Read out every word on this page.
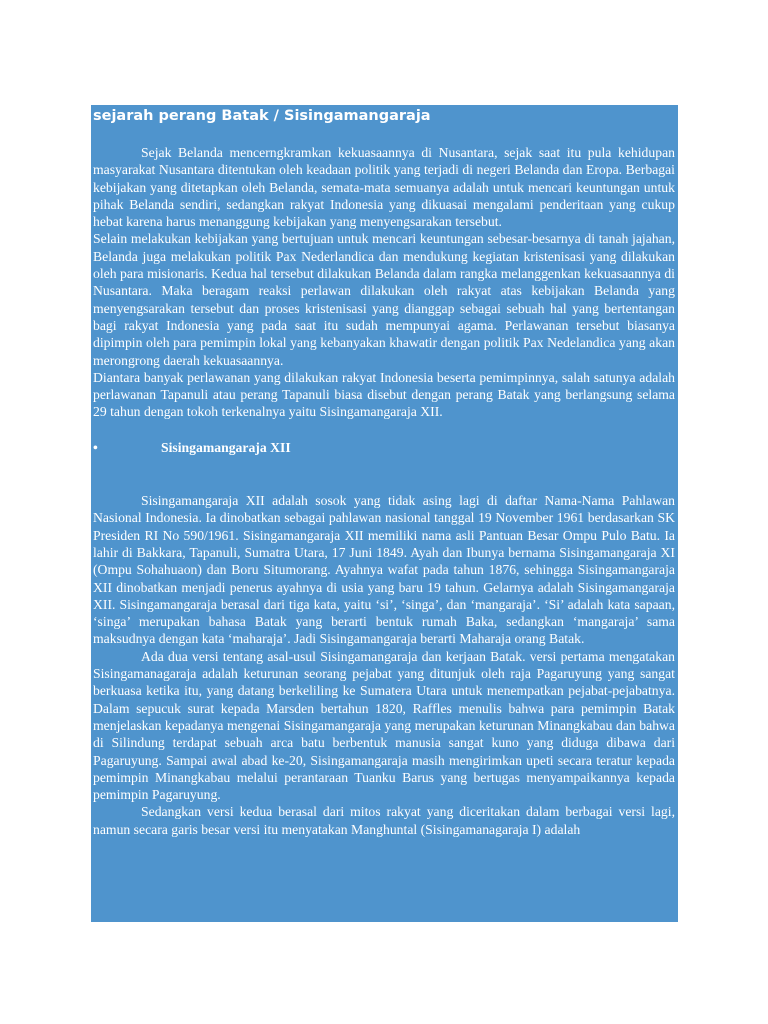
sejarah perang Batak / Sisingamangaraja

Sejak Belanda mencerngkramkan kekuasaannya di Nusantara, sejak saat itu pula kehidupan masyarakat Nusantara ditentukan oleh keadaan politik yang terjadi di negeri Belanda dan Eropa. Berbagai kebijakan yang ditetapkan oleh Belanda, semata-mata semuanya adalah untuk mencari keuntungan untuk pihak Belanda sendiri, sedangkan rakyat Indonesia yang dikuasai mengalami penderitaan yang cukup hebat karena harus menanggung kebijakan yang menyengsarakan tersebut.

Selain melakukan kebijakan yang bertujuan untuk mencari keuntungan sebesar-besarnya di tanah jajahan, Belanda juga melakukan politik Pax Nederlandica dan mendukung kegiatan kristenisasi yang dilakukan oleh para misionaris. Kedua hal tersebut dilakukan Belanda dalam rangka melanggenkan kekuasaannya di Nusantara. Maka beragam reaksi perlawan dilakukan oleh rakyat atas kebijakan Belanda yang menyengsarakan tersebut dan proses kristenisasi yang dianggap sebagai sebuah hal yang bertentangan bagi rakyat Indonesia yang pada saat itu sudah mempunyai agama. Perlawanan tersebut biasanya dipimpin oleh para pemimpin lokal yang kebanyakan khawatir dengan politik Pax Nedelandica yang akan merongrong daerah kekuasaannya.

Diantara banyak perlawanan yang dilakukan rakyat Indonesia beserta pemimpinnya, salah satunya adalah perlawanan Tapanuli atau perang Tapanuli biasa disebut dengan perang Batak yang berlangsung selama 29 tahun dengan tokoh terkenalnya yaitu Sisingamangaraja XII.

•	Sisingamangaraja XII

Sisingamangaraja XII adalah sosok yang tidak asing lagi di daftar Nama-Nama Pahlawan Nasional Indonesia. Ia dinobatkan sebagai pahlawan nasional tanggal 19 November 1961 berdasarkan SK Presiden RI No 590/1961. Sisingamangaraja XII memiliki nama asli Pantuan Besar Ompu Pulo Batu. Ia lahir di Bakkara, Tapanuli, Sumatra Utara, 17 Juni 1849. Ayah dan Ibunya bernama Sisingamangaraja XI (Ompu Sohahuaon) dan Boru Situmorang. Ayahnya wafat pada tahun 1876, sehingga Sisingamangaraja XII dinobatkan menjadi penerus ayahnya di usia yang baru 19 tahun. Gelarnya adalah Sisingamangaraja XII. Sisingamangaraja berasal dari tiga kata, yaitu ‘si’, ‘singa’, dan ‘mangaraja’. ‘Si’ adalah kata sapaan, ‘singa’ merupakan bahasa Batak yang berarti bentuk rumah Baka, sedangkan ‘mangaraja’ sama maksudnya dengan kata ‘maharaja’. Jadi Sisingamangaraja berarti Maharaja orang Batak.

Ada dua versi tentang asal-usul Sisingamangaraja dan kerjaan Batak. versi pertama mengatakan Sisingamanagaraja adalah keturunan seorang pejabat yang ditunjuk oleh raja Pagaruyung yang sangat berkuasa ketika itu, yang datang berkeliling ke Sumatera Utara untuk menempatkan pejabat-pejabatnya. Dalam sepucuk surat kepada Marsden bertahun 1820, Raffles menulis bahwa para pemimpin Batak menjelaskan kepadanya mengenai Sisingamangaraja yang merupakan keturunan Minangkabau dan bahwa di Silindung terdapat sebuah arca batu berbentuk manusia sangat kuno yang diduga dibawa dari Pagaruyung. Sampai awal abad ke-20, Sisingamangaraja masih mengirimkan upeti secara teratur kepada pemimpin Minangkabau melalui perantaraan Tuanku Barus yang bertugas menyampaikannya kepada pemimpin Pagaruyung.

Sedangkan versi kedua berasal dari mitos rakyat yang diceritakan dalam berbagai versi lagi, namun secara garis besar versi itu menyatakan Manghuntal (Sisingamanagaraja I) adalah
